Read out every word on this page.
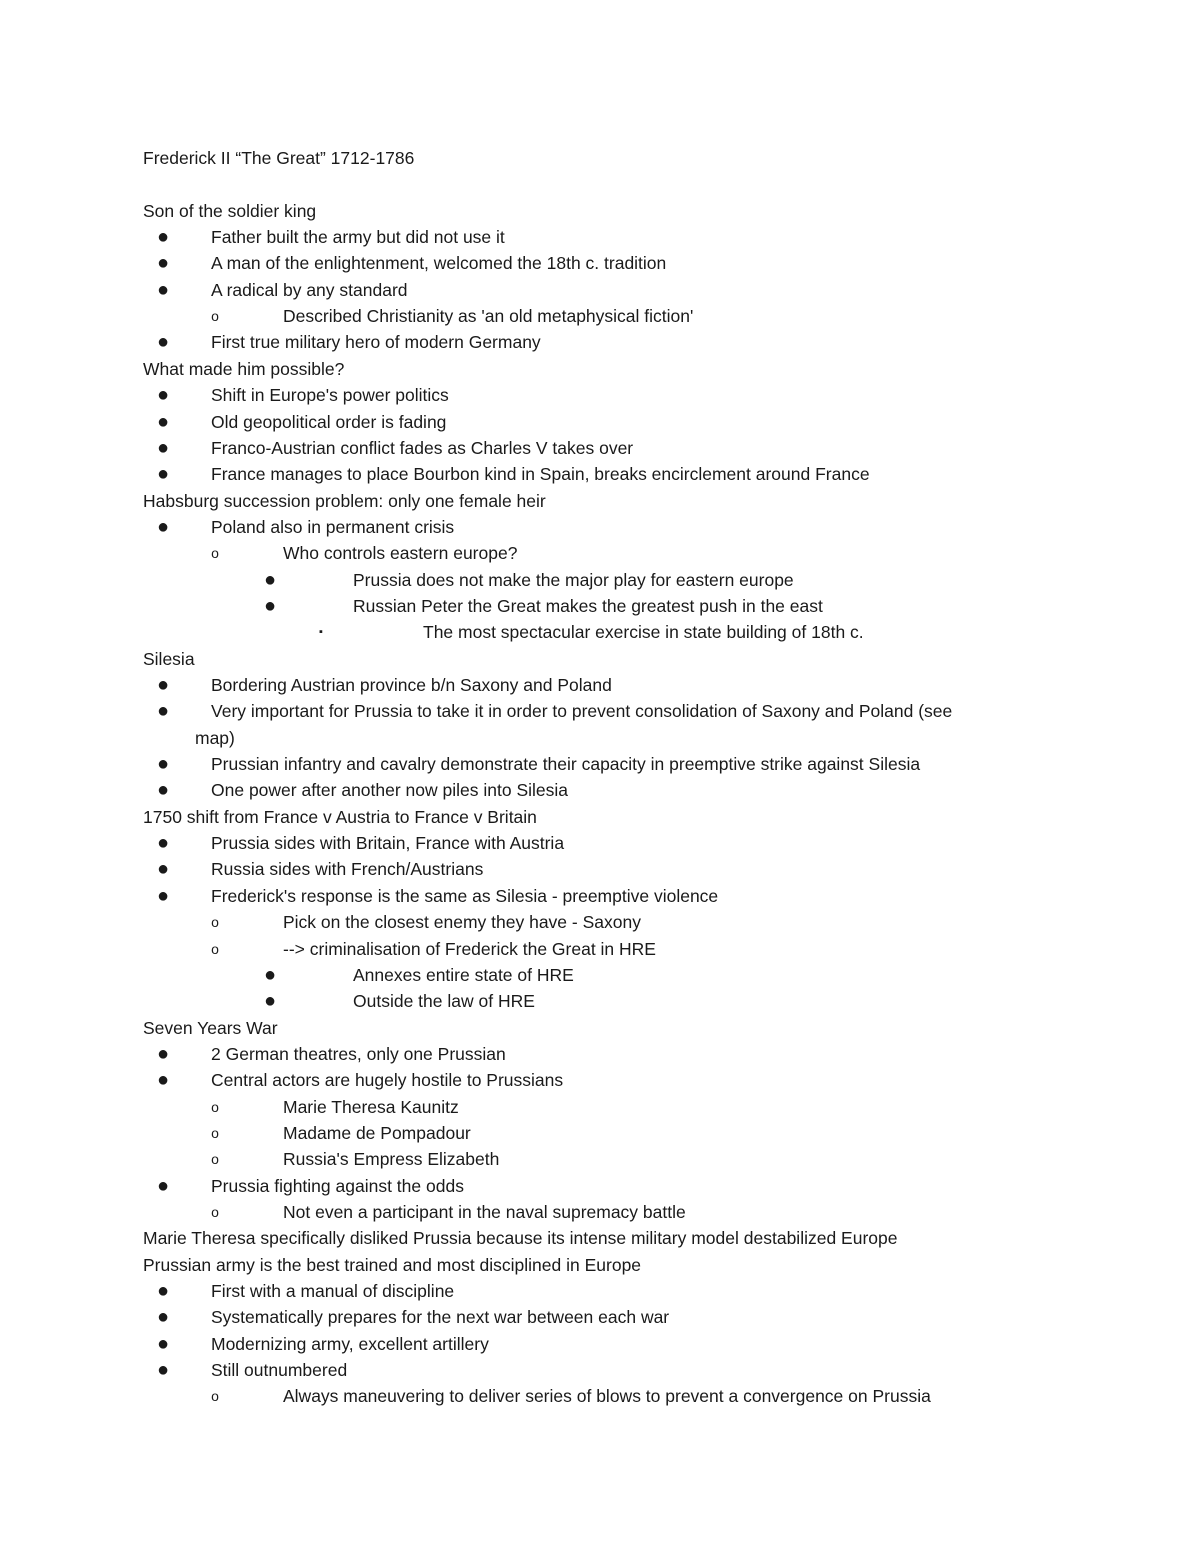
Frederick II “The Great” 1712-1786
Son of the soldier king
● Father built the army but did not use it
● A man of the enlightenment, welcomed the 18th c. tradition
● A radical by any standard
o	Described Christianity as 'an old metaphysical fiction'
● First true military hero of modern Germany
What made him possible?
● Shift in Europe's power politics
● Old geopolitical order is fading
● Franco-Austrian conflict fades as Charles V takes over
● France manages to place Bourbon kind in Spain, breaks encirclement around France
Habsburg succession problem: only one female heir
● Poland also in permanent crisis
o	Who controls eastern europe?
●	Prussia does not make the major play for eastern europe
●	Russian Peter the Great makes the greatest push in the east
▪	The most spectacular exercise in state building of 18th c.
Silesia
● Bordering Austrian province b/n Saxony and Poland
● Very important for Prussia to take it in order to prevent consolidation of Saxony and Poland (see
map)
● Prussian infantry and cavalry demonstrate their capacity in preemptive strike against Silesia
● One power after another now piles into Silesia
1750 shift from France v Austria to France v Britain
● Prussia sides with Britain, France with Austria
● Russia sides with French/Austrians
● Frederick's response is the same as Silesia - preemptive violence
o	Pick on the closest enemy they have - Saxony
o	--> criminalisation of Frederick the Great in HRE
●	Annexes entire state of HRE
●	Outside the law of HRE
Seven Years War
● 2 German theatres, only one Prussian
● Central actors are hugely hostile to Prussians
o	Marie Theresa Kaunitz
o	Madame de Pompadour
o	Russia's Empress Elizabeth
● Prussia fighting against the odds
o	Not even a participant in the naval supremacy battle
Marie Theresa specifically disliked Prussia because its intense military model destabilized Europe
Prussian army is the best trained and most disciplined in Europe
● First with a manual of discipline
● Systematically prepares for the next war between each war
● Modernizing army, excellent artillery
● Still outnumbered
o	Always maneuvering to deliver series of blows to prevent a convergence on Prussia
